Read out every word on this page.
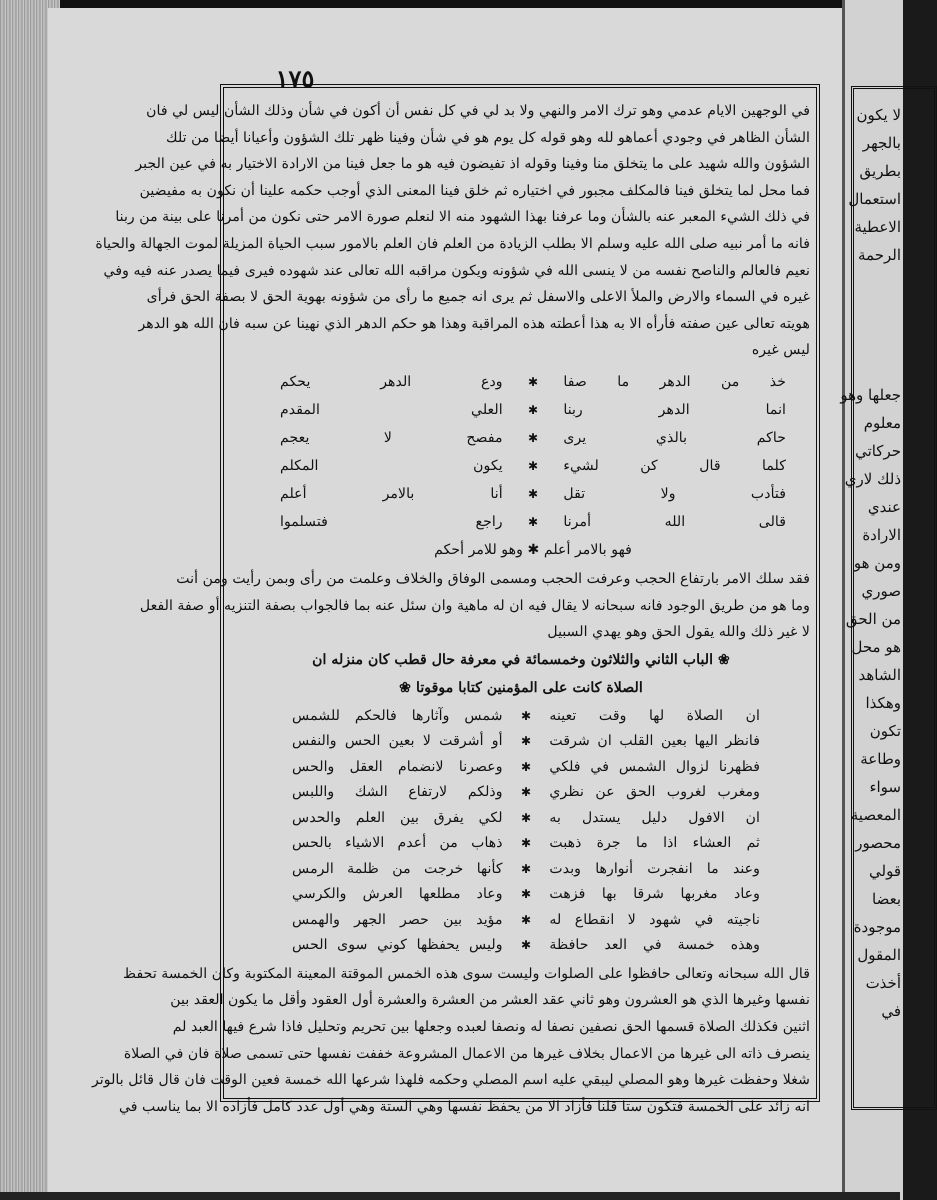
١٧٥
في الوجهين الايام عدمي وهو ترك الامر والنهي ولا بد لي في كل نفس أن أكون في شأن وذلك الشأن ليس لي فان
الشأن الظاهر في وجودي أعماهو لله وهو قوله كل يوم هو في شأن وفينا ظهر تلك الشؤون وأعيانا أيضا من تلك
الشؤون والله شهيد على ما يتخلق منا وفينا وقوله اذ تفيضون فيه هو ما جعل فينا من الارادة الاختيار به في عين الجبر
فما محل لما يتخلق فينا فالمكلف مجبور في اختياره ثم خلق فينا المعنى الذي أوجب حكمه علينا أن نكون به مفيضين
في ذلك الشيء المعبر عنه بالشأن وما عرفنا بهذا الشهود منه الا لنعلم صورة الامر حتى نكون من أمرنا على بينة من ربنا
فانه ما أمر نبيه صلى الله عليه وسلم الا بطلب الزيادة من العلم فان العلم بالامور سبب الحياة المزيلة لموت الجهالة والحياة
نعيم فالعالم والناصح نفسه من لا ينسى الله في شؤونه ويكون مراقبه الله تعالى عند شهوده فيرى فيما يصدر عنه فيه وفي
غيره في السماء والارض والملأ الاعلى والاسفل ثم يرى انه جميع ما رأى من شؤونه بهوية الحق لا بصفة الحق فرأى
هويته تعالى عين صفته فأرأه الا به هذا أعطته هذه المراقبة وهذا هو حكم الدهر الذي نهينا عن سبه فان الله هو الدهر
ليس غيره
خذ من الدهر ما صفا
✱
ودع الدهر يحكم
انما الدهر ربنا
✱
العلي المقدم
حاكم بالذي يرى
✱
مفصح لا يعجم
كلما قال كن لشيء
✱
يكون المكلم
فتأدب ولا تقل
✱
أنا بالامر أعلم
قالى الله أمرنا
✱
راجع فتسلموا
فهو بالامر أعلم ✱ وهو للامر أحكم
فقد سلك الامر بارتفاع الحجب وعرفت الحجب ومسمى الوفاق والخلاف وعلمت من رأى وبمن رأيت ومن أنت
وما هو من طريق الوجود فانه سبحانه لا يقال فيه ان له ماهية وان سئل عنه بما فالجواب بصفة التنزيه أو صفة الفعل
لا غير ذلك والله يقول الحق وهو يهدي السبيل
❀ الباب الثاني والثلاثون وخمسمائة في معرفة حال قطب كان منزله ان
الصلاة كانت على المؤمنين كتابا موقوتا ❀
ان الصلاة لها وقت تعينه
✱
شمس وآثارها فالحكم للشمس
فانظر اليها بعين القلب ان شرقت
✱
أو أشرقت لا بعين الحس والنفس
فظهرنا لزوال الشمس في فلكي
✱
وعصرنا لانضمام العقل والحس
ومغرب لغروب الحق عن نظري
✱
وذلكم لارتفاع الشك واللبس
ان الافول دليل يستدل به
✱
لكي يفرق بين العلم والحدس
ثم العشاء اذا ما جرة ذهبت
✱
ذهاب من أعدم الاشياء بالحس
وعند ما انفجرت أنوارها وبدت
✱
كأنها خرجت من ظلمة الرمس
وعاد مغربها شرقا بها فزهت
✱
وعاد مطلعها العرش والكرسي
ناجيته في شهود لا انقطاع له
✱
مؤيد بين حصر الجهر والهمس
وهذه خمسة في العد حافظة
✱
وليس يحفظها كوني سوى الحس
قال الله سبحانه وتعالى حافظوا على الصلوات وليست سوى هذه الخمس الموقتة المعينة المكتوبة وكان الخمسة تحفظ
نفسها وغيرها الذي هو العشرون وهو ثاني عقد العشر من العشرة والعشرة أول العقود وأقل ما يكون العقد بين
اثنين فكذلك الصلاة قسمها الحق نصفين نصفا له ونصفا لعبده وجعلها بين تحريم وتحليل فاذا شرع فيها العبد لم
ينصرف ذاته الى غيرها من الاعمال بخلاف غيرها من الاعمال المشروعة خففت نفسها حتى تسمى صلاة فان في الصلاة
شغلا وحفظت غيرها وهو المصلي ليبقي عليه اسم المصلي وحكمه فلهذا شرعها الله خمسة فعين الوقت فان قال قائل بالوتر
انه زائد على الخمسة فتكون ستا قلنا فأزاد الا من يحفظ نفسها وهي الستة وهي أول عدد كامل فأزاده الا بما يناسب في
لا يكون
بالجهر
بطريق
استعمال
الاعطية
الرحمة
جعلها وهو
معلوم
حركاتي
ذلك لاري
عندي
الارادة
ومن هو
صوري
من الحق
هو محل
الشاهد
وهكذا
تكون
وطاعة
سواء
المعصية
محصور
قولي
بعضا
موجودة
المقول
أخذت
في
